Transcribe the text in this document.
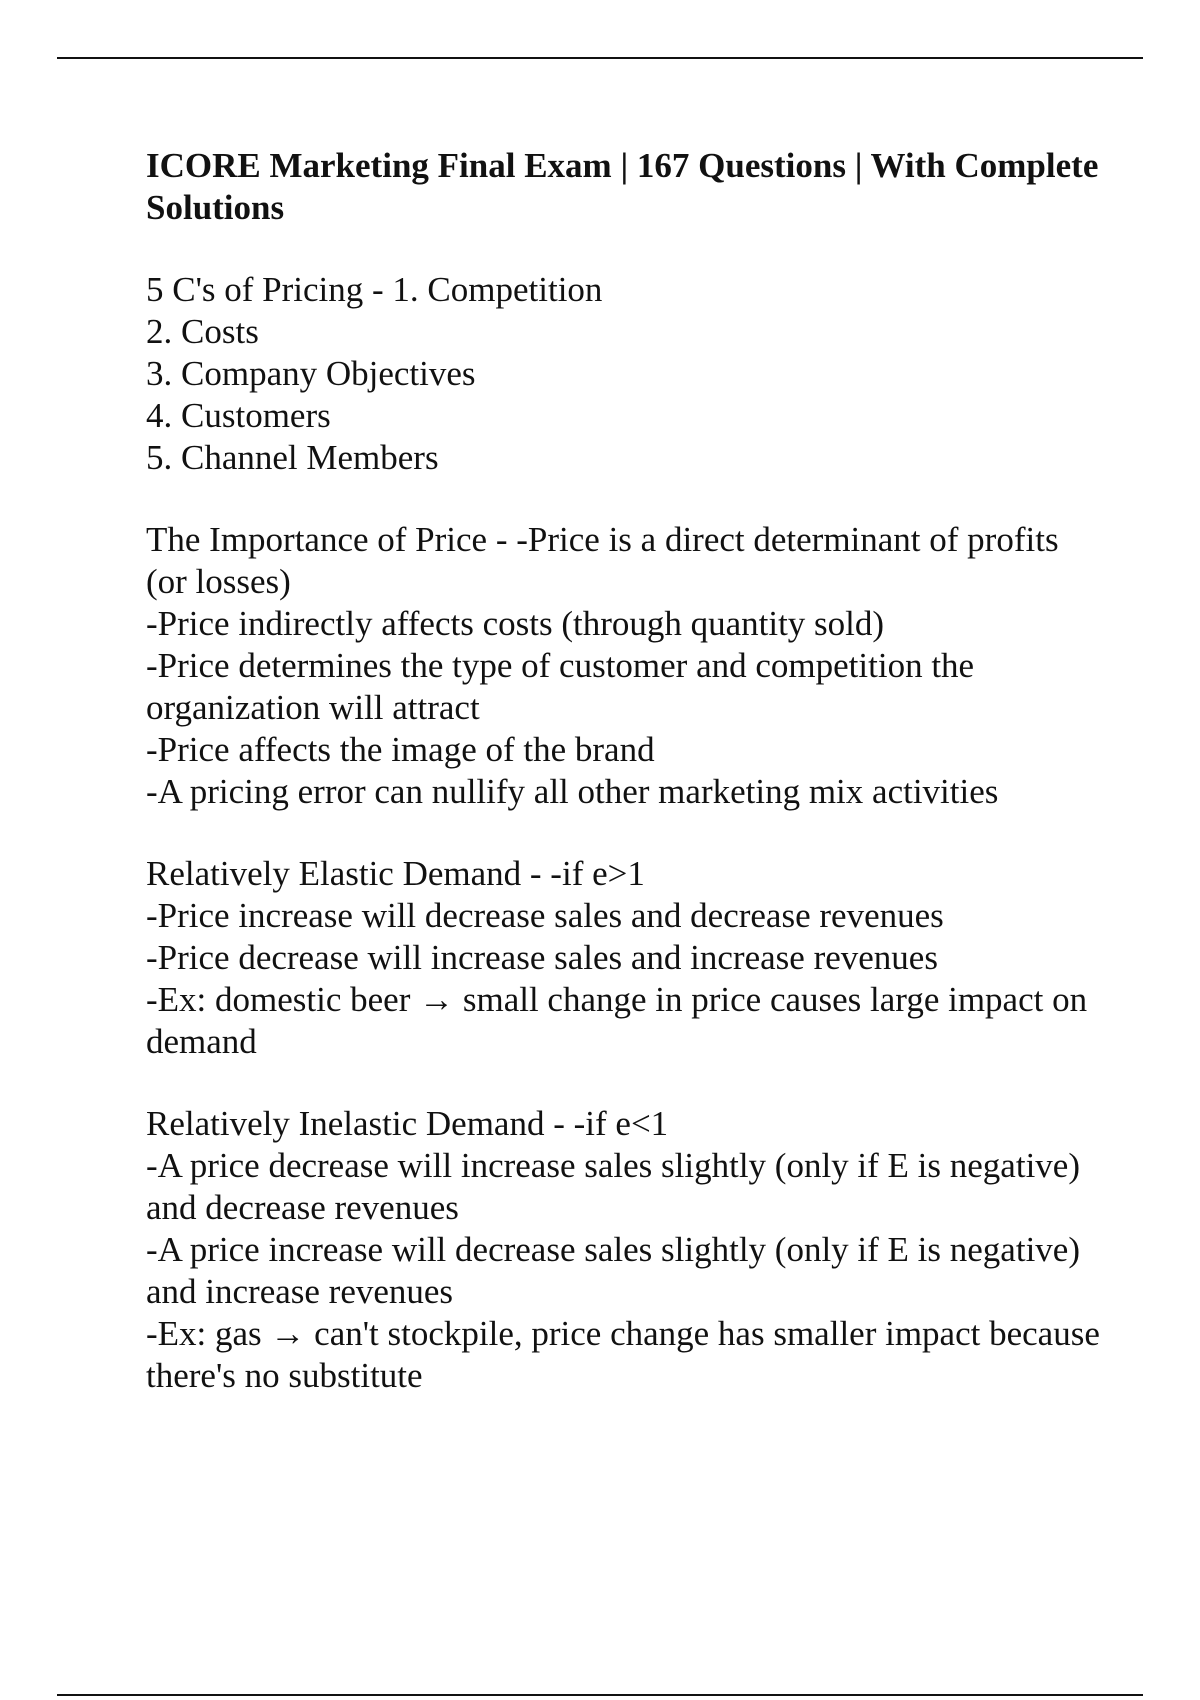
ICORE Marketing Final Exam | 167 Questions | With Complete Solutions
5 C's of Pricing - 1. Competition
2. Costs
3. Company Objectives
4. Customers
5. Channel Members
The Importance of Price - -Price is a direct determinant of profits (or losses)
-Price indirectly affects costs (through quantity sold)
-Price determines the type of customer and competition the organization will attract
-Price affects the image of the brand
-A pricing error can nullify all other marketing mix activities
Relatively Elastic Demand - -if e>1
-Price increase will decrease sales and decrease revenues
-Price decrease will increase sales and increase revenues
-Ex: domestic beer → small change in price causes large impact on demand
Relatively Inelastic Demand - -if e<1
-A price decrease will increase sales slightly (only if E is negative) and decrease revenues
-A price increase will decrease sales slightly (only if E is negative) and increase revenues
-Ex: gas → can't stockpile, price change has smaller impact because there's no substitute
